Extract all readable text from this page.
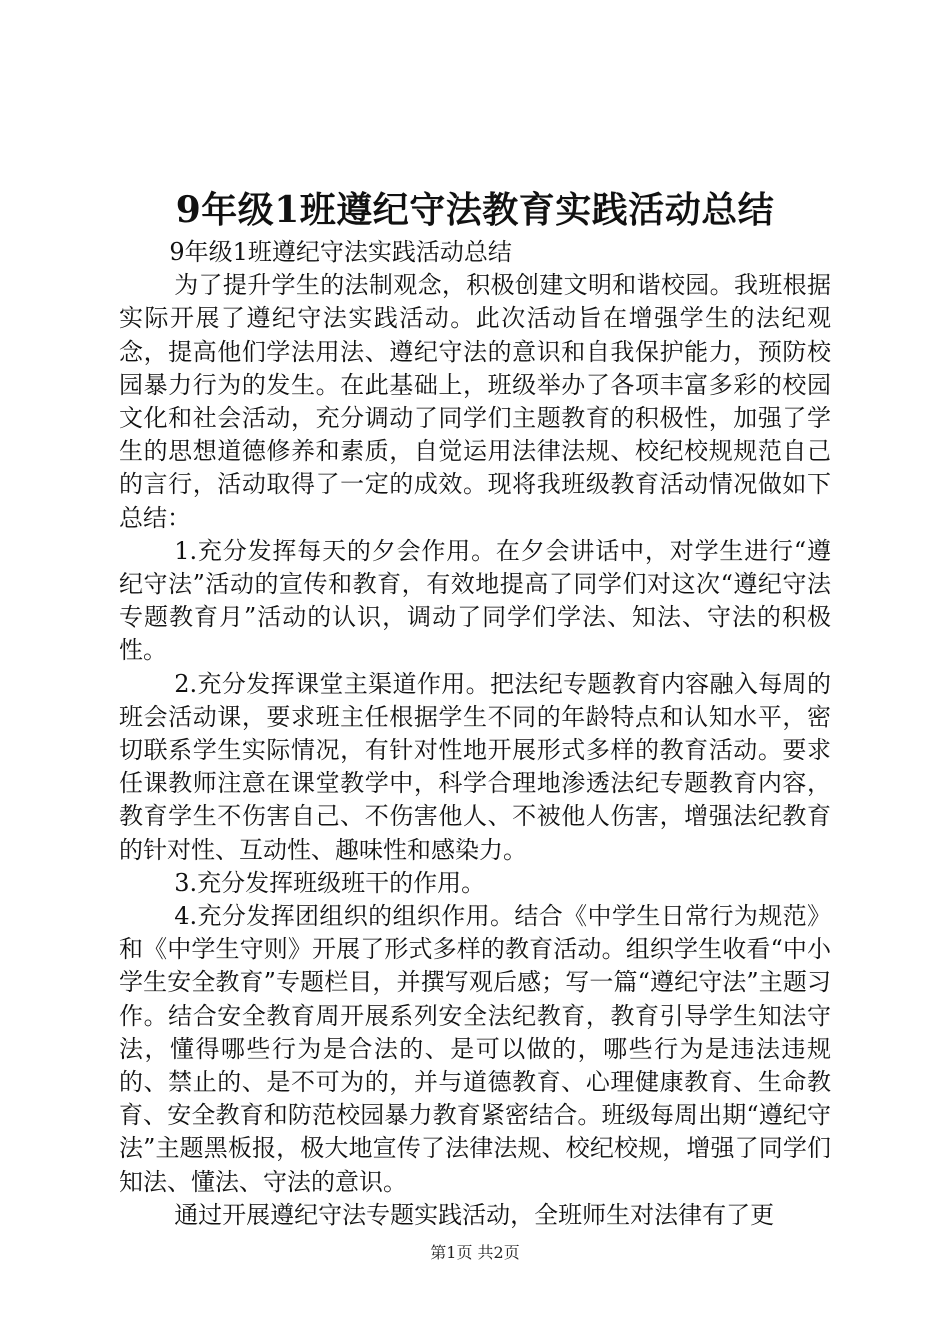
9年级1班遵纪守法教育实践活动总结

9年级1班遵纪守法实践活动总结

为了提升学生的法制观念，积极创建文明和谐校园。我班根据实际开展了遵纪守法实践活动。此次活动旨在增强学生的法纪观念，提高他们学法用法、遵纪守法的意识和自我保护能力，预防校园暴力行为的发生。在此基础上，班级举办了各项丰富多彩的校园文化和社会活动，充分调动了同学们主题教育的积极性，加强了学生的思想道德修养和素质，自觉运用法律法规、校纪校规规范自己的言行，活动取得了一定的成效。现将我班级教育活动情况做如下总结：

1.充分发挥每天的夕会作用。在夕会讲话中，对学生进行“遵纪守法”活动的宣传和教育，有效地提高了同学们对这次“遵纪守法专题教育月”活动的认识，调动了同学们学法、知法、守法的积极性。

2.充分发挥课堂主渠道作用。把法纪专题教育内容融入每周的班会活动课，要求班主任根据学生不同的年龄特点和认知水平，密切联系学生实际情况，有针对性地开展形式多样的教育活动。要求任课教师注意在课堂教学中，科学合理地渗透法纪专题教育内容，教育学生不伤害自己、不伤害他人、不被他人伤害，增强法纪教育的针对性、互动性、趣味性和感染力。

3.充分发挥班级班干的作用。

4.充分发挥团组织的组织作用。结合《中学生日常行为规范》和《中学生守则》开展了形式多样的教育活动。组织学生收看“中小学生安全教育”专题栏目，并撰写观后感；写一篇“遵纪守法”主题习作。结合安全教育周开展系列安全法纪教育，教育引导学生知法守法，懂得哪些行为是合法的、是可以做的，哪些行为是违法违规的、禁止的、是不可为的，并与道德教育、心理健康教育、生命教育、安全教育和防范校园暴力教育紧密结合。班级每周出期“遵纪守法”主题黑板报，极大地宣传了法律法规、校纪校规，增强了同学们知法、懂法、守法的意识。

通过开展遵纪守法专题实践活动，全班师生对法律有了更

第1页 共2页
